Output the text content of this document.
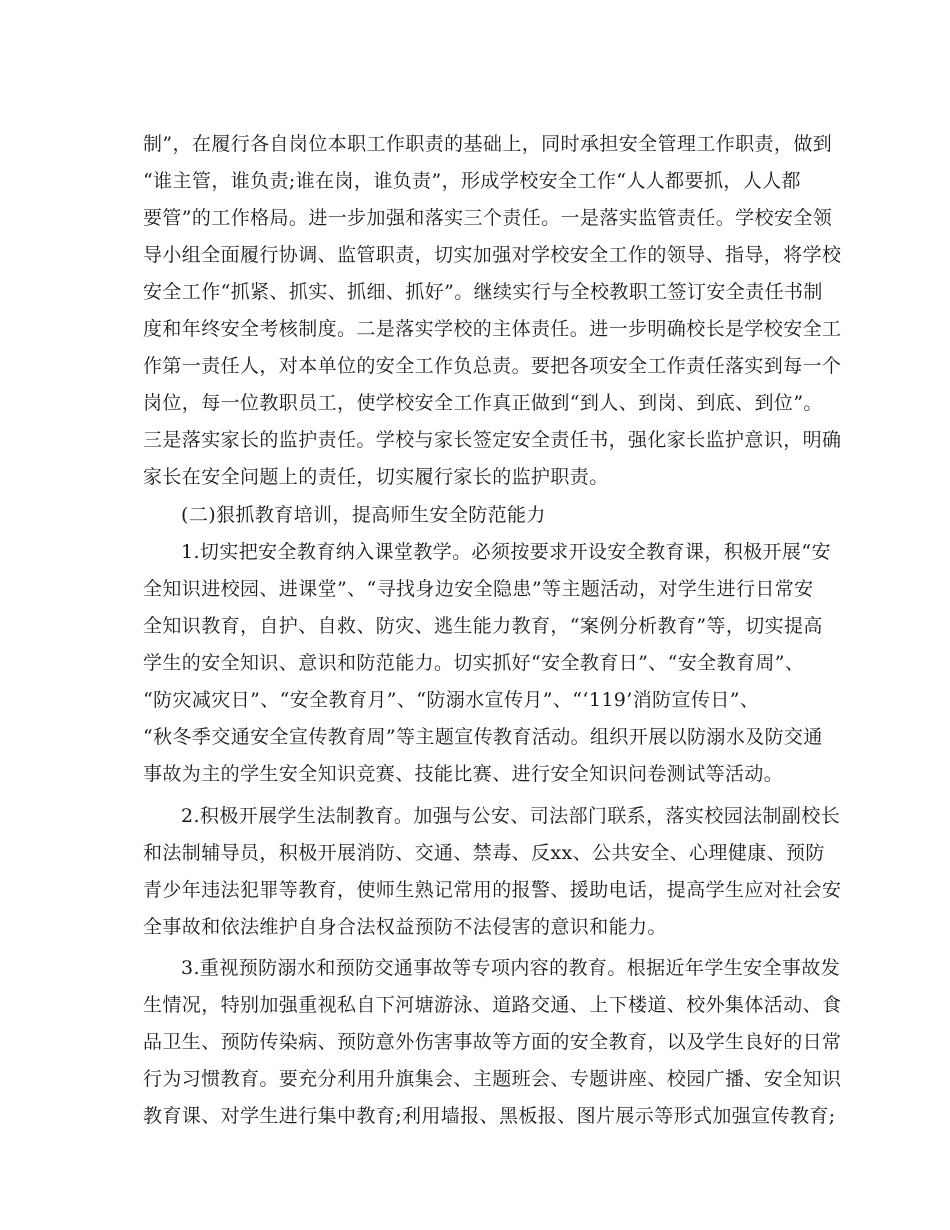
制”，在履行各自岗位本职工作职责的基础上，同时承担安全管理工作职责，做到
“谁主管，谁负责;谁在岗，谁负责”，形成学校安全工作“人人都要抓，人人都
要管”的工作格局。进一步加强和落实三个责任。一是落实监管责任。学校安全领
导小组全面履行协调、监管职责，切实加强对学校安全工作的领导、指导，将学校
安全工作“抓紧、抓实、抓细、抓好”。继续实行与全校教职工签订安全责任书制
度和年终安全考核制度。二是落实学校的主体责任。进一步明确校长是学校安全工
作第一责任人，对本单位的安全工作负总责。要把各项安全工作责任落实到每一个
岗位，每一位教职员工，使学校安全工作真正做到“到人、到岗、到底、到位”。
三是落实家长的监护责任。学校与家长签定安全责任书，强化家长监护意识，明确
家长在安全问题上的责任，切实履行家长的监护职责。
(二)狠抓教育培训，提高师生安全防范能力
1.切实把安全教育纳入课堂教学。必须按要求开设安全教育课，积极开展“安
全知识进校园、进课堂”、“寻找身边安全隐患”等主题活动，对学生进行日常安
全知识教育，自护、自救、防灾、逃生能力教育，“案例分析教育”等，切实提高
学生的安全知识、意识和防范能力。切实抓好“安全教育日”、“安全教育周”、
“防灾减灾日”、“安全教育月”、“防溺水宣传月”、“‘119’消防宣传日”、
“秋冬季交通安全宣传教育周”等主题宣传教育活动。组织开展以防溺水及防交通
事故为主的学生安全知识竞赛、技能比赛、进行安全知识问卷测试等活动。
2.积极开展学生法制教育。加强与公安、司法部门联系，落实校园法制副校长
和法制辅导员，积极开展消防、交通、禁毒、反xx、公共安全、心理健康、预防
青少年违法犯罪等教育，使师生熟记常用的报警、援助电话，提高学生应对社会安
全事故和依法维护自身合法权益预防不法侵害的意识和能力。
3.重视预防溺水和预防交通事故等专项内容的教育。根据近年学生安全事故发
生情况，特别加强重视私自下河塘游泳、道路交通、上下楼道、校外集体活动、食
品卫生、预防传染病、预防意外伤害事故等方面的安全教育，以及学生良好的日常
行为习惯教育。要充分利用升旗集会、主题班会、专题讲座、校园广播、安全知识
教育课、对学生进行集中教育;利用墙报、黑板报、图片展示等形式加强宣传教育;
